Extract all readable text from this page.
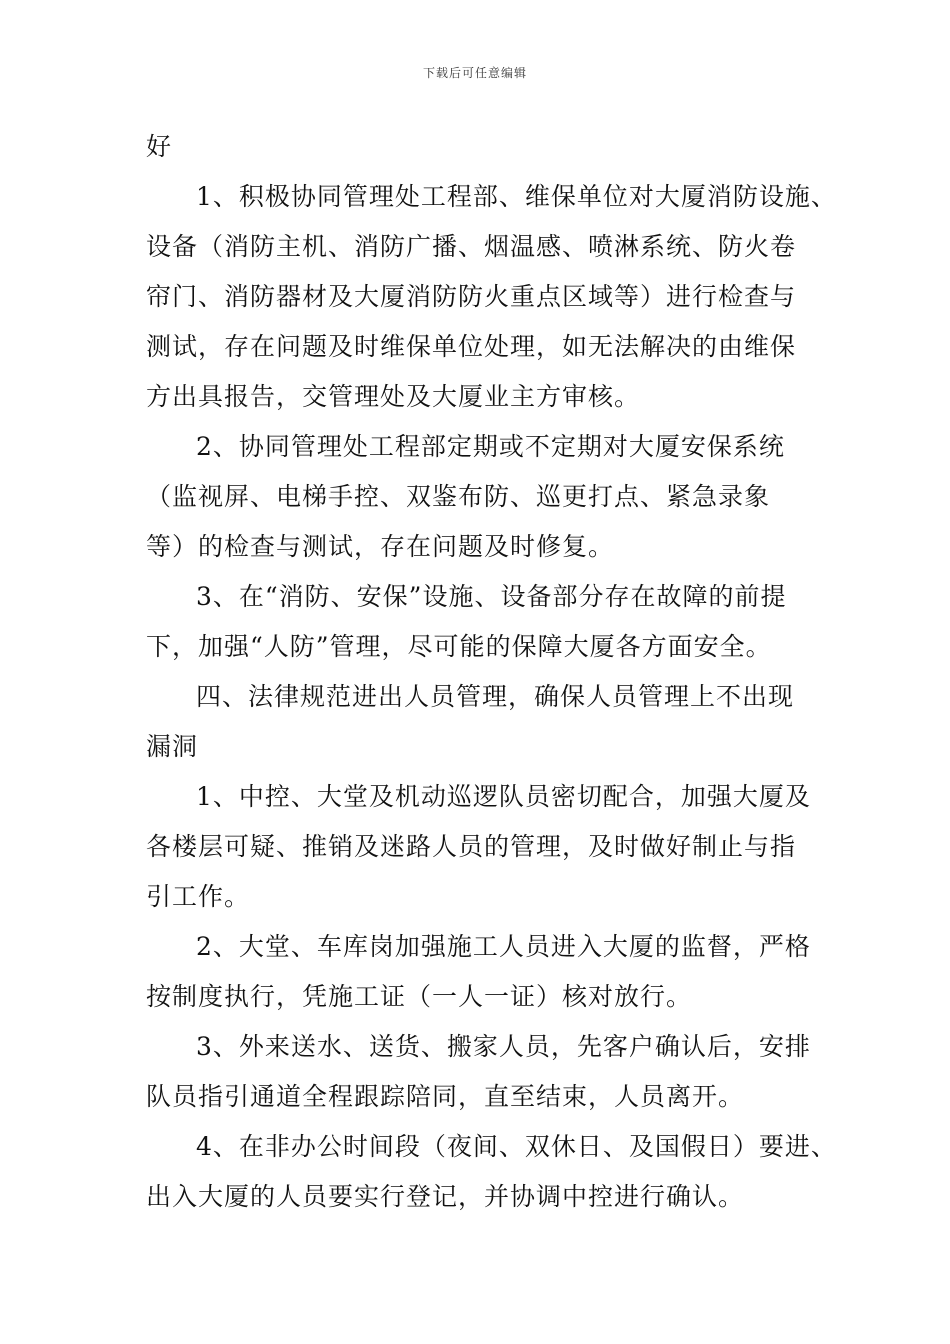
下载后可任意编辑
好
1、积极协同管理处工程部、维保单位对大厦消防设施、
设备（消防主机、消防广播、烟温感、喷淋系统、防火卷
帘门、消防器材及大厦消防防火重点区域等）进行检查与
测试，存在问题及时维保单位处理，如无法解决的由维保
方出具报告，交管理处及大厦业主方审核。
2、协同管理处工程部定期或不定期对大厦安保系统
（监视屏、电梯手控、双鉴布防、巡更打点、紧急录象
等）的检查与测试，存在问题及时修复。
3、在“消防、安保”设施、设备部分存在故障的前提
下，加强“人防”管理，尽可能的保障大厦各方面安全。
四、法律规范进出人员管理，确保人员管理上不出现
漏洞
1、中控、大堂及机动巡逻队员密切配合，加强大厦及
各楼层可疑、推销及迷路人员的管理，及时做好制止与指
引工作。
2、大堂、车库岗加强施工人员进入大厦的监督，严格
按制度执行，凭施工证（一人一证）核对放行。
3、外来送水、送货、搬家人员，先客户确认后，安排
队员指引通道全程跟踪陪同，直至结束，人员离开。
4、在非办公时间段（夜间、双休日、及国假日）要进、
出入大厦的人员要实行登记，并协调中控进行确认。
